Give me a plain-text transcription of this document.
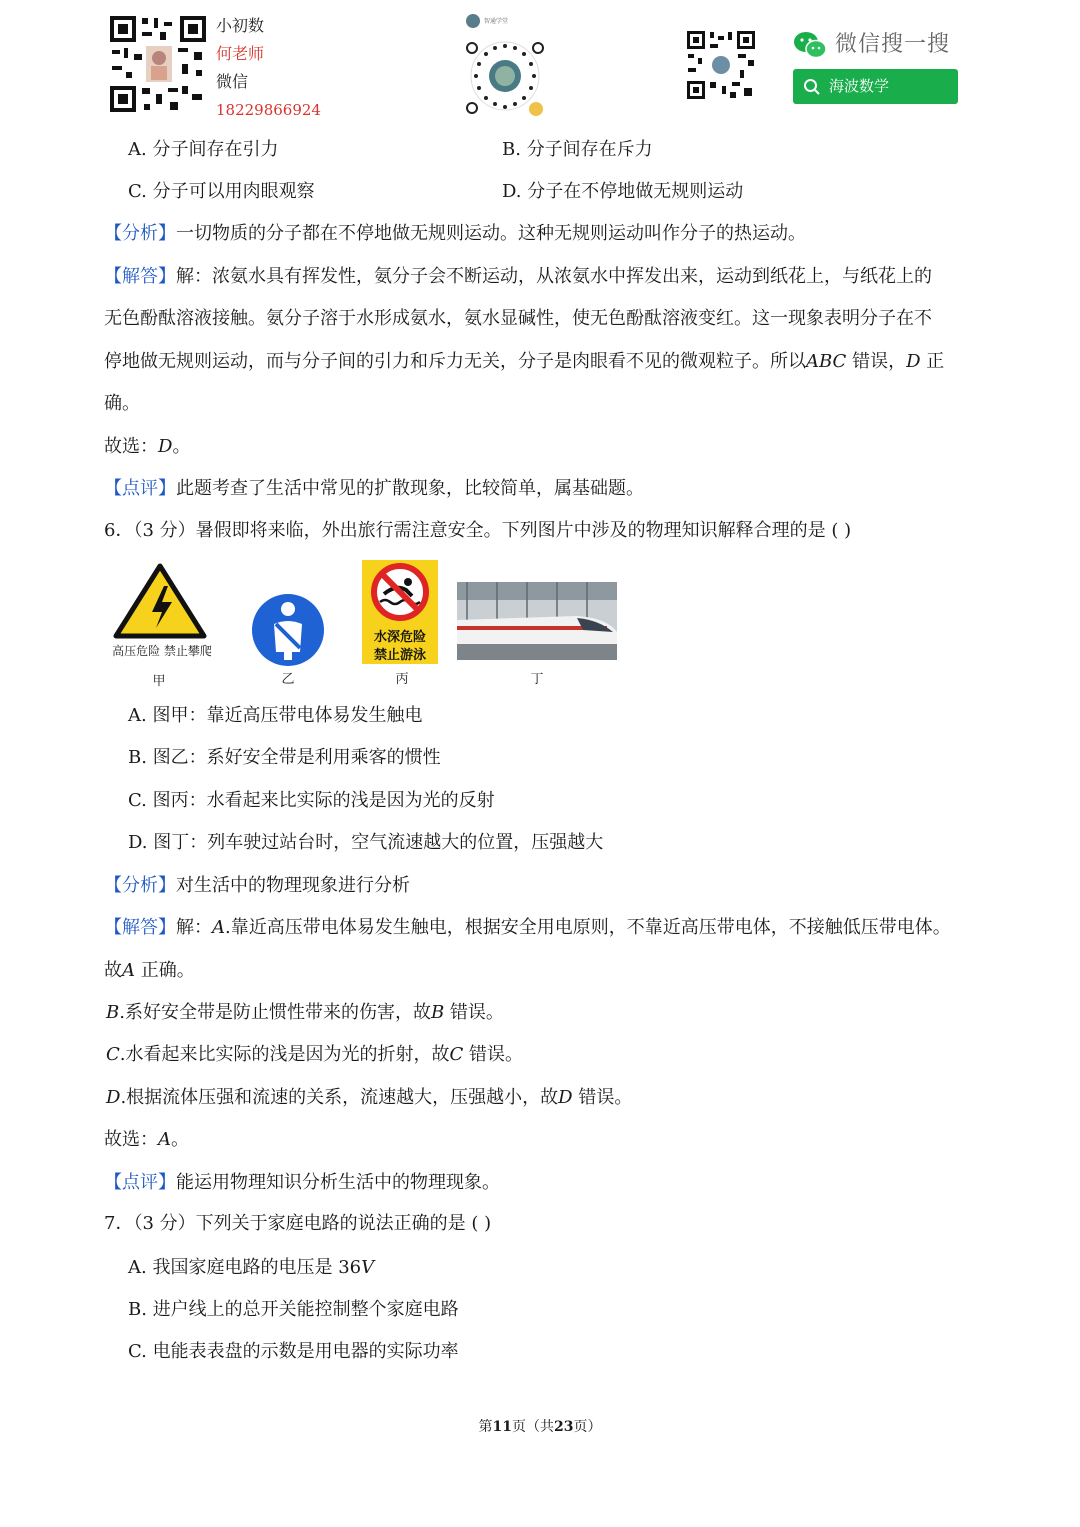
小初数
何老师
微信
18229866924
智通学堂
微信搜一搜
海波数学
A. 分子间存在引力	B. 分子间存在斥力
C. 分子可以用肉眼观察	D. 分子在不停地做无规则运动
【分析】一切物质的分子都在不停地做无规则运动。这种无规则运动叫作分子的热运动。
【解答】解：浓氨水具有挥发性，氨分子会不断运动，从浓氨水中挥发出来，运动到纸花上，与纸花上的
无色酚酞溶液接触。氨分子溶于水形成氨水，氨水显碱性，使无色酚酞溶液变红。这一现象表明分子在不
停地做无规则运动，而与分子间的引力和斥力无关，分子是肉眼看不见的微观粒子。所以ABC 错误，D 正
确。
故选：D。
【点评】此题考查了生活中常见的扩散现象，比较简单，属基础题。
6．（3 分）暑假即将来临，外出旅行需注意安全。下列图片中涉及的物理知识解释合理的是 ( )
高压危险 禁止攀爬
甲	乙
水深危险
禁止游泳
丙	丁
A. 图甲：靠近高压带电体易发生触电
B. 图乙：系好安全带是利用乘客的惯性
C. 图丙：水看起来比实际的浅是因为光的反射
D. 图丁：列车驶过站台时，空气流速越大的位置，压强越大
【分析】对生活中的物理现象进行分析
【解答】解：A.靠近高压带电体易发生触电，根据安全用电原则，不靠近高压带电体，不接触低压带电体。
故A 正确。
B.系好安全带是防止惯性带来的伤害，故B 错误。
C.水看起来比实际的浅是因为光的折射，故C 错误。
D.根据流体压强和流速的关系，流速越大，压强越小，故D 错误。
故选：A。
【点评】能运用物理知识分析生活中的物理现象。
7．（3 分）下列关于家庭电路的说法正确的是 ( )
A. 我国家庭电路的电压是 36V
B. 进户线上的总开关能控制整个家庭电路
C. 电能表表盘的示数是用电器的实际功率
第11页（共23页）
